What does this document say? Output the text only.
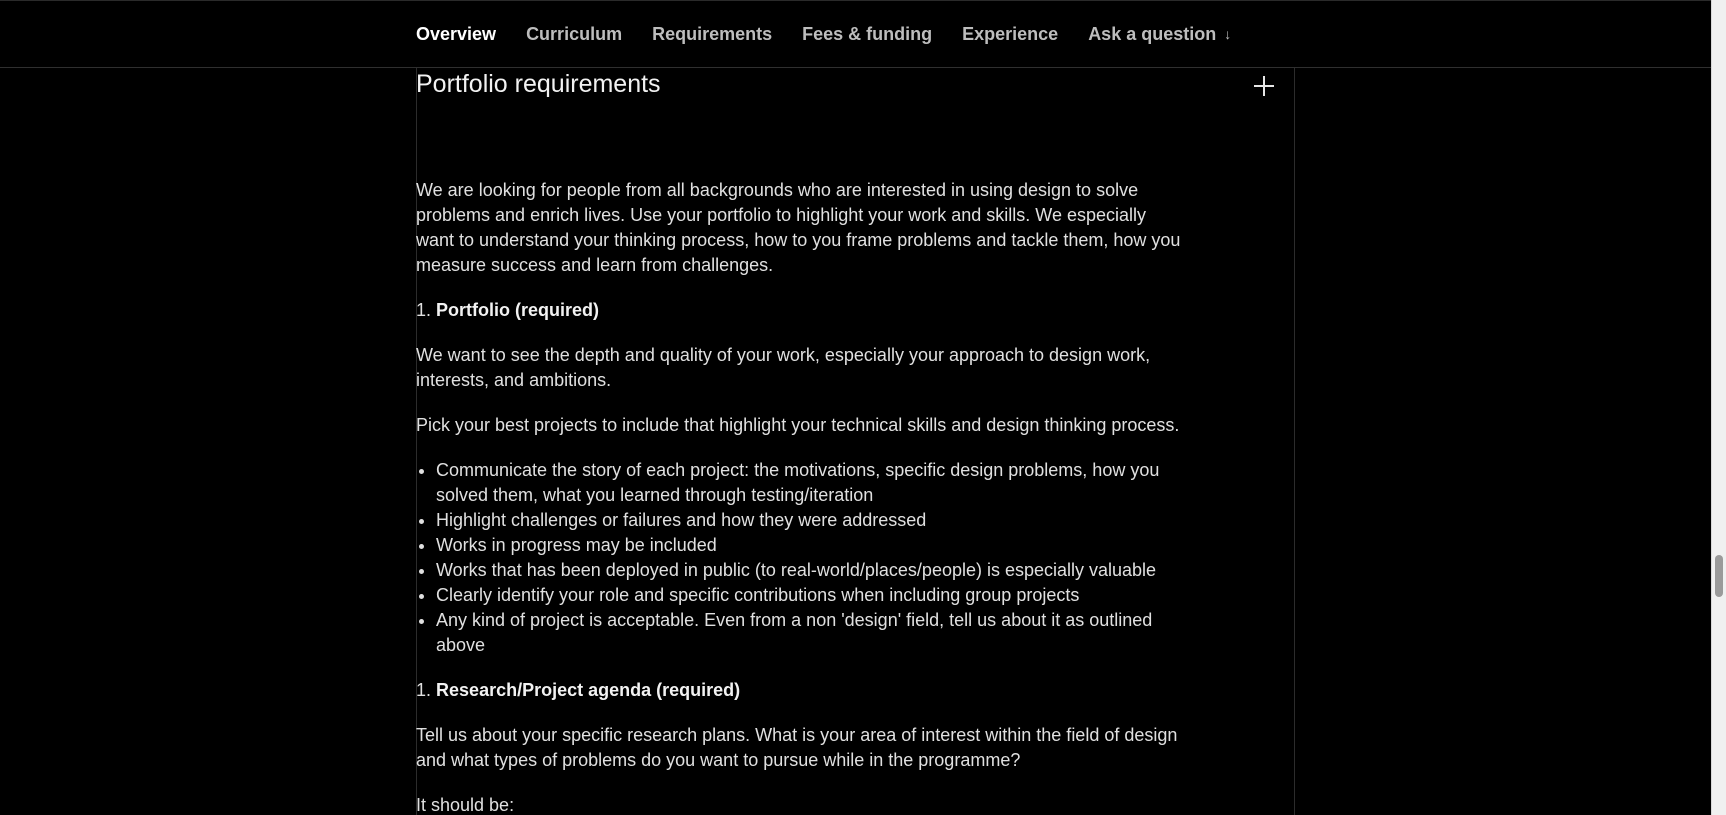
Overview Curriculum Requirements Fees & funding Experience Ask a question ↓
Portfolio requirements

We are looking for people from all backgrounds who are interested in using design to solve problems and enrich lives. Use your portfolio to highlight your work and skills. We especially want to understand your thinking process, how to you frame problems and tackle them, how you measure success and learn from challenges.

1. Portfolio (required)

We want to see the depth and quality of your work, especially your approach to design work, interests, and ambitions.

Pick your best projects to include that highlight your technical skills and design thinking process.

• Communicate the story of each project: the motivations, specific design problems, how you solved them, what you learned through testing/iteration
• Highlight challenges or failures and how they were addressed
• Works in progress may be included
• Works that has been deployed in public (to real-world/places/people) is especially valuable
• Clearly identify your role and specific contributions when including group projects
• Any kind of project is acceptable. Even from a non 'design' field, tell us about it as outlined above
1. Research/Project agenda (required)

Tell us about your specific research plans. What is your area of interest within the field of design and what types of problems do you want to pursue while in the programme?

It should be:
